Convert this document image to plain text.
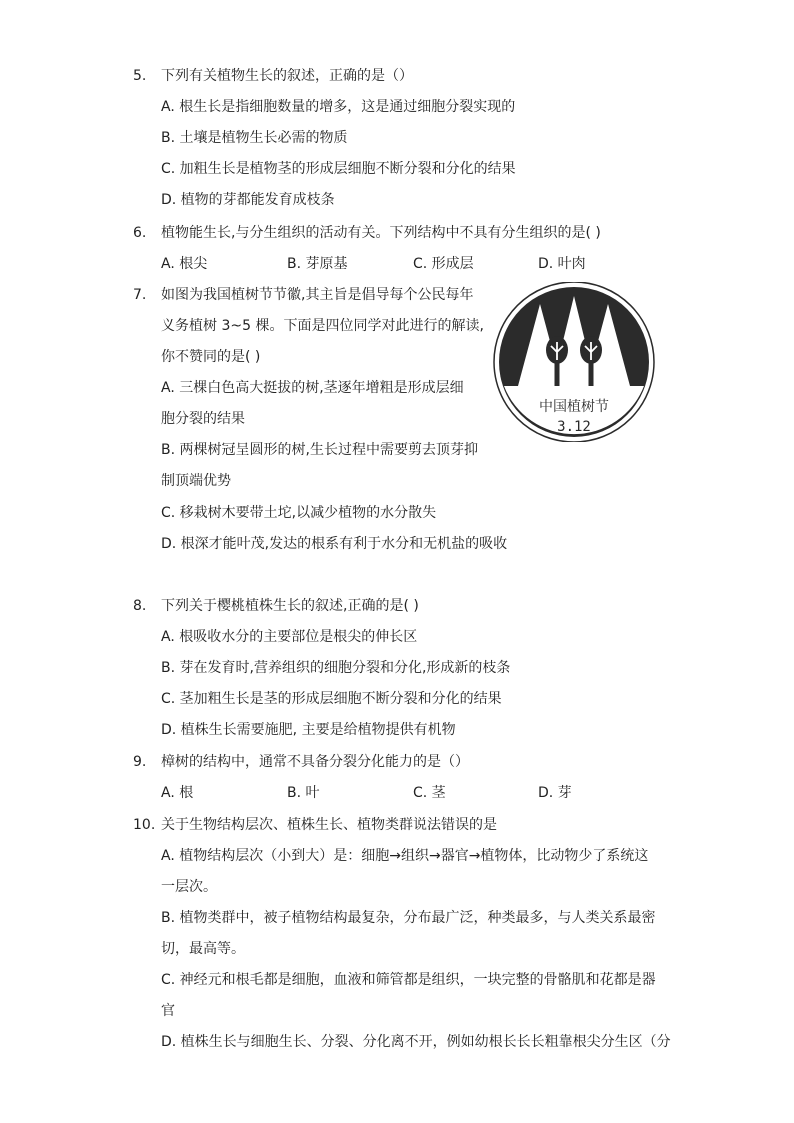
5.	下列有关植物生长的叙述，正确的是（）
A. 根生长是指细胞数量的增多，这是通过细胞分裂实现的
B. 土壤是植物生长必需的物质
C. 加粗生长是植物茎的形成层细胞不断分裂和分化的结果
D. 植物的芽都能发育成枝条
6.	植物能生长,与分生组织的活动有关。下列结构中不具有分生组织的是( )
A. 根尖	B. 芽原基	C. 形成层	D. 叶肉
7.	如图为我国植树节节徽,其主旨是倡导每个公民每年
义务植树 3~5 棵。下面是四位同学对此进行的解读,
你不赞同的是( )
A. 三棵白色高大挺拔的树,茎逐年增粗是形成层细
胞分裂的结果
B. 两棵树冠呈圆形的树,生长过程中需要剪去顶芽抑
制顶端优势
C. 移栽树木要带土坨,以减少植物的水分散失
D. 根深才能叶茂,发达的根系有利于水分和无机盐的吸收
中国植树节
3.12
8.	下列关于樱桃植株生长的叙述,正确的是( )
A. 根吸收水分的主要部位是根尖的伸长区
B. 芽在发育时,营养组织的细胞分裂和分化,形成新的枝条
C. 茎加粗生长是茎的形成层细胞不断分裂和分化的结果
D. 植株生长需要施肥, 主要是给植物提供有机物
9.	樟树的结构中，通常不具备分裂分化能力的是（）
A. 根	B. 叶	C. 茎	D. 芽
10. 关于生物结构层次、植株生长、植物类群说法错误的是
A. 植物结构层次（小到大）是：细胞→组织→器官→植物体，比动物少了系统这
一层次。
B. 植物类群中，被子植物结构最复杂，分布最广泛，种类最多，与人类关系最密
切，最高等。
C. 神经元和根毛都是细胞，血液和筛管都是组织，一块完整的骨骼肌和花都是器
官
D. 植株生长与细胞生长、分裂、分化离不开，例如幼根长长长粗靠根尖分生区（分
